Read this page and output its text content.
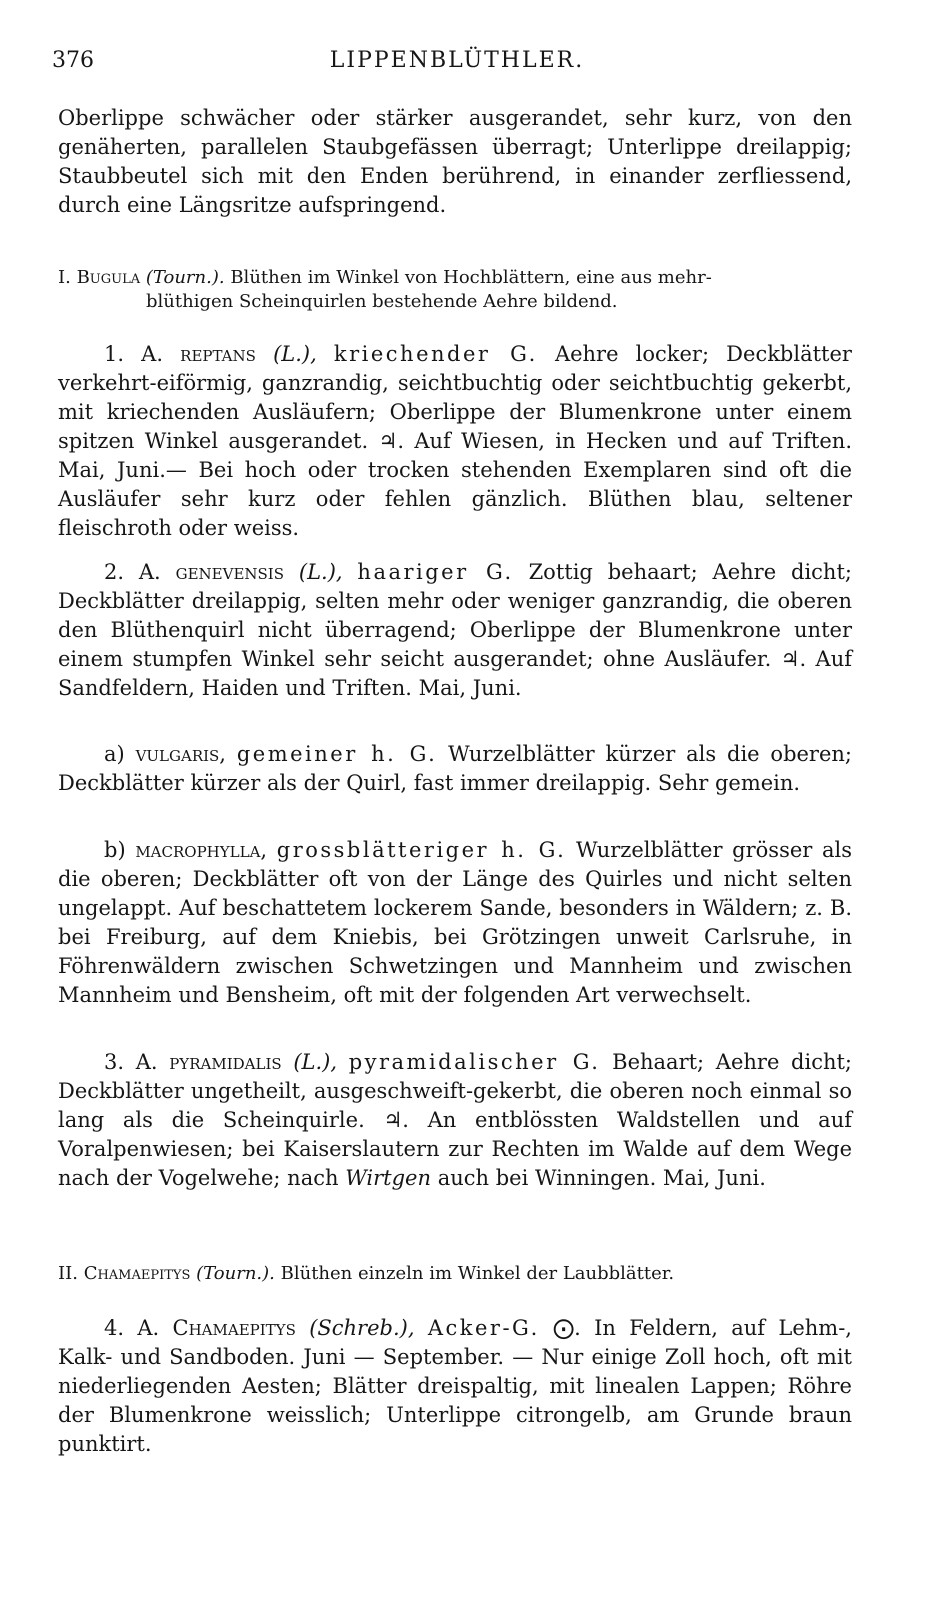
376	LIPPENBLÜTHLER.

Oberlippe schwächer oder stärker ausgerandet, sehr kurz, von den genäherten, parallelen Staubgefässen überragt; Unterlippe dreilappig; Staubbeutel sich mit den Enden berührend, in einander zerfliessend, durch eine Längsritze aufspringend.

I. Bugula (Tourn.). Blüthen im Winkel von Hochblättern, eine aus mehr-
blüthigen Scheinquirlen bestehende Aehre bildend.

1. A. reptans (L.), kriechender G. Aehre locker; Deckblätter verkehrt-eiförmig, ganzrandig, seichtbuchtig oder seichtbuchtig gekerbt, mit kriechenden Ausläufern; Oberlippe der Blumenkrone unter einem spitzen Winkel ausgerandet. ♃. Auf Wiesen, in Hecken und auf Triften. Mai, Juni.— Bei hoch oder trocken stehenden Exemplaren sind oft die Ausläufer sehr kurz oder fehlen gänzlich. Blüthen blau, seltener fleischroth oder weiss.

2. A. genevensis (L.), haariger G. Zottig behaart; Aehre dicht; Deckblätter dreilappig, selten mehr oder weniger ganzrandig, die oberen den Blüthenquirl nicht überragend; Oberlippe der Blumenkrone unter einem stumpfen Winkel sehr seicht ausgerandet; ohne Ausläufer. ♃. Auf Sandfeldern, Haiden und Triften. Mai, Juni.

a) vulgaris, gemeiner h. G. Wurzelblätter kürzer als die oberen; Deckblätter kürzer als der Quirl, fast immer dreilappig. Sehr gemein.

b) macrophylla, grossblätteriger h. G. Wurzelblätter grösser als die oberen; Deckblätter oft von der Länge des Quirles und nicht selten ungelappt. Auf beschattetem lockerem Sande, besonders in Wäldern; z. B. bei Freiburg, auf dem Kniebis, bei Grötzingen unweit Carlsruhe, in Föhrenwäldern zwischen Schwetzingen und Mannheim und zwischen Mannheim und Bensheim, oft mit der folgenden Art verwechselt.

3. A. pyramidalis (L.), pyramidalischer G. Behaart; Aehre dicht; Deckblätter ungetheilt, ausgeschweift-gekerbt, die oberen noch einmal so lang als die Scheinquirle. ♃. An entblössten Waldstellen und auf Voralpenwiesen; bei Kaiserslautern zur Rechten im Walde auf dem Wege nach der Vogelwehe; nach Wirtgen auch bei Winningen. Mai, Juni.

II. Chamaepitys (Tourn.). Blüthen einzeln im Winkel der Laubblätter.

4. A. Chamaepitys (Schreb.), Acker-G. ⨀. In Feldern, auf Lehm-, Kalk- und Sandboden. Juni — September. — Nur einige Zoll hoch, oft mit niederliegenden Aesten; Blätter dreispaltig, mit linealen Lappen; Röhre der Blumenkrone weisslich; Unterlippe citrongelb, am Grunde braun punktirt.
